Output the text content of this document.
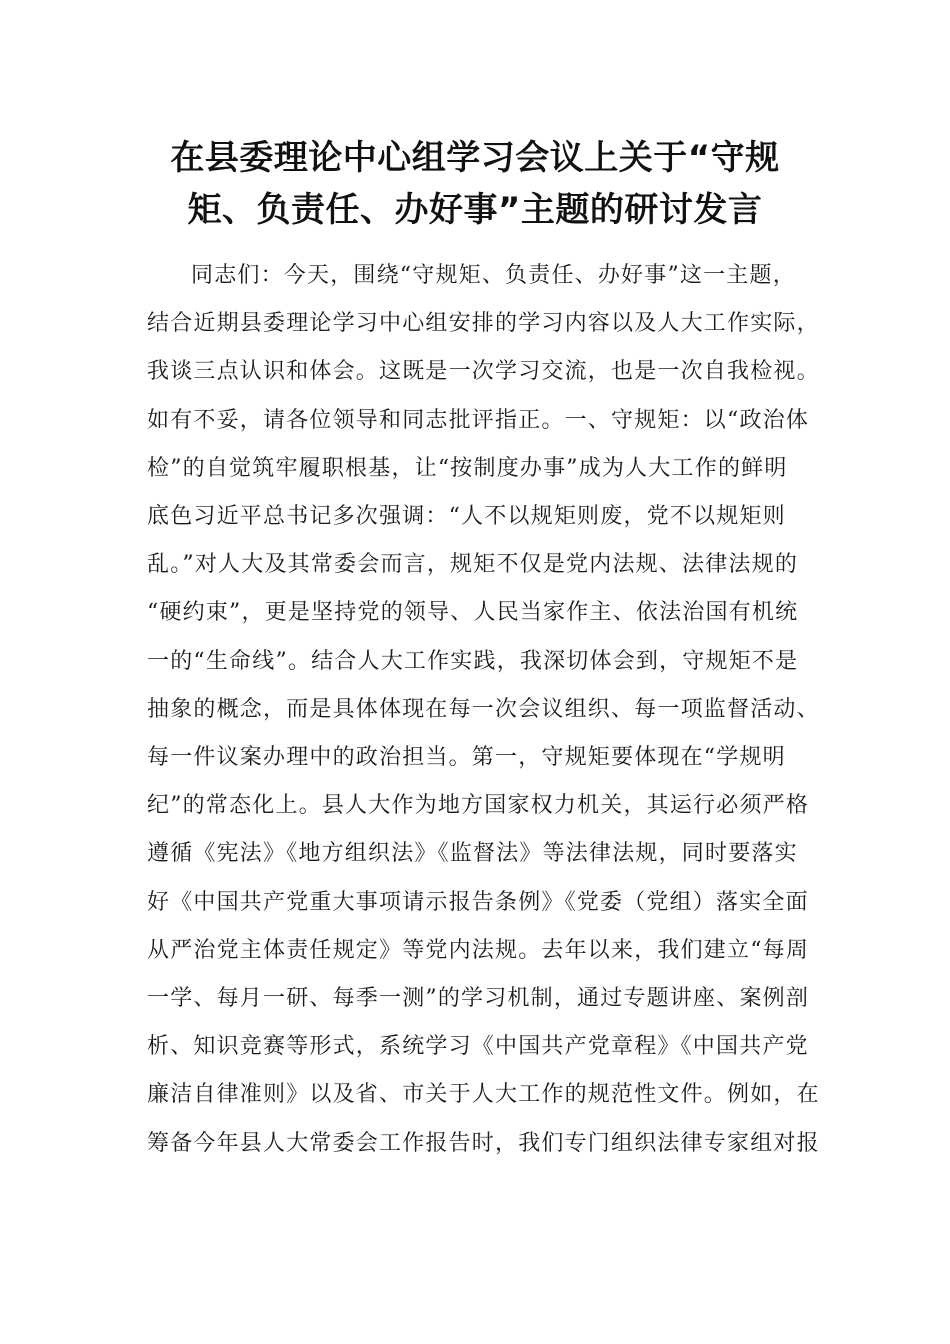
在县委理论中心组学习会议上关于“守规
矩、负责任、办好事”主题的研讨发言
同志们：今天，围绕“守规矩、负责任、办好事”这一主题，
结合近期县委理论学习中心组安排的学习内容以及人大工作实际，
我谈三点认识和体会。这既是一次学习交流，也是一次自我检视。
如有不妥，请各位领导和同志批评指正。一、守规矩：以“政治体
检”的自觉筑牢履职根基，让“按制度办事”成为人大工作的鲜明
底色习近平总书记多次强调：“人不以规矩则废，党不以规矩则
乱。”对人大及其常委会而言，规矩不仅是党内法规、法律法规的
“硬约束”，更是坚持党的领导、人民当家作主、依法治国有机统
一的“生命线”。结合人大工作实践，我深切体会到，守规矩不是
抽象的概念，而是具体体现在每一次会议组织、每一项监督活动、
每一件议案办理中的政治担当。第一，守规矩要体现在“学规明
纪”的常态化上。县人大作为地方国家权力机关，其运行必须严格
遵循《宪法》《地方组织法》《监督法》等法律法规，同时要落实
好《中国共产党重大事项请示报告条例》《党委（党组）落实全面
从严治党主体责任规定》等党内法规。去年以来，我们建立“每周
一学、每月一研、每季一测”的学习机制，通过专题讲座、案例剖
析、知识竞赛等形式，系统学习《中国共产党章程》《中国共产党
廉洁自律准则》以及省、市关于人大工作的规范性文件。例如，在
筹备今年县人大常委会工作报告时，我们专门组织法律专家组对报
